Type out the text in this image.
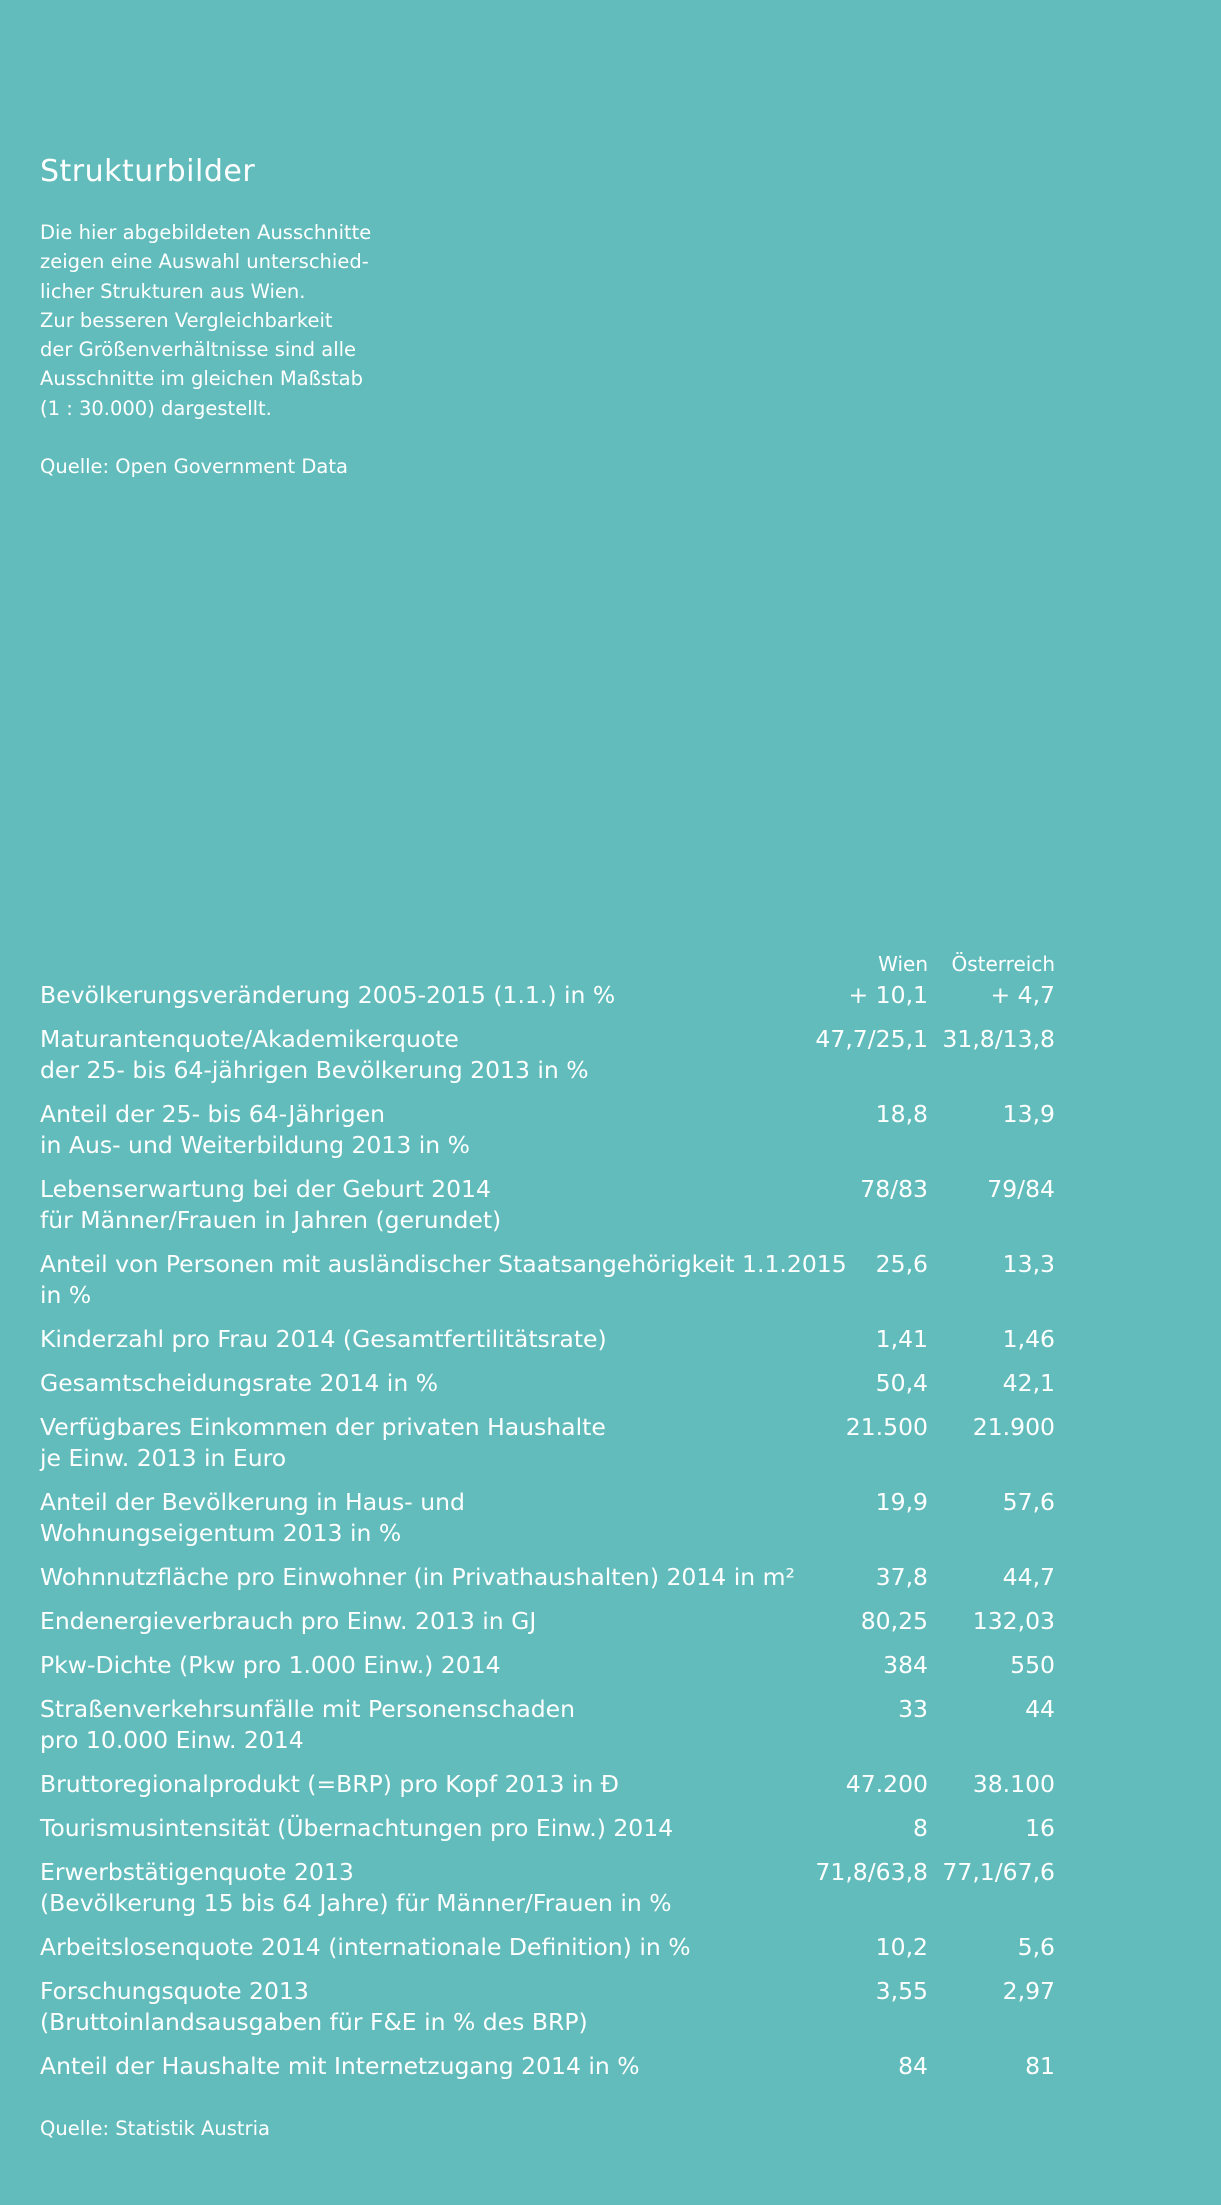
Strukturbilder
Die hier abgebildeten Ausschnitte
zeigen eine Auswahl unterschied-
licher Strukturen aus Wien.
Zur besseren Vergleichbarkeit
der Größenverhältnisse sind alle
Ausschnitte im gleichen Maßstab
(1 : 30.000) dargestellt.
Quelle: Open Government Data
Wien Österreich
Bevölkerungsveränderung 2005-2015 (1.1.) in %	+ 10,1	+ 4,7
Maturantenquote/Akademikerquote
der 25- bis 64-jährigen Bevölkerung 2013 in %
47,7/25,1 31,8/13,8
Anteil der 25- bis 64-Jährigen
in Aus- und Weiterbildung 2013 in %
18,8	13,9
Lebenserwartung bei der Geburt 2014
für Männer/Frauen in Jahren (gerundet)
78/83	79/84
Anteil von Personen mit ausländischer Staatsangehörigkeit 1.1.2015
in %
25,6	13,3
Kinderzahl pro Frau 2014 (Gesamtfertilitätsrate)	1,41	1,46
Gesamtscheidungsrate 2014 in %	50,4	42,1
Verfügbares Einkommen der privaten Haushalte
je Einw. 2013 in Euro
21.500 21.900
Anteil der Bevölkerung in Haus- und
Wohnungseigentum 2013 in %
19,9	57,6
Wohnnutzfläche pro Einwohner (in Privathaushalten) 2014 in m²	37,8	44,7
Endenergieverbrauch pro Einw. 2013 in GJ	80,25 132,03
Pkw-Dichte (Pkw pro 1.000 Einw.) 2014	384	550
Straßenverkehrsunfälle mit Personenschaden
pro 10.000 Einw. 2014
33	44
Bruttoregionalprodukt (=BRP) pro Kopf 2013 in Đ	47.200 38.100
Tourismusintensität (Übernachtungen pro Einw.) 2014	8	16
Erwerbstätigenquote 2013
(Bevölkerung 15 bis 64 Jahre) für Männer/Frauen in %
71,8/63,8 77,1/67,6
Arbeitslosenquote 2014 (internationale Definition) in %	10,2	5,6
Forschungsquote 2013
(Bruttoinlandsausgaben für F&E in % des BRP)
3,55	2,97
Anteil der Haushalte mit Internetzugang 2014 in %	84	81
Quelle: Statistik Austria
